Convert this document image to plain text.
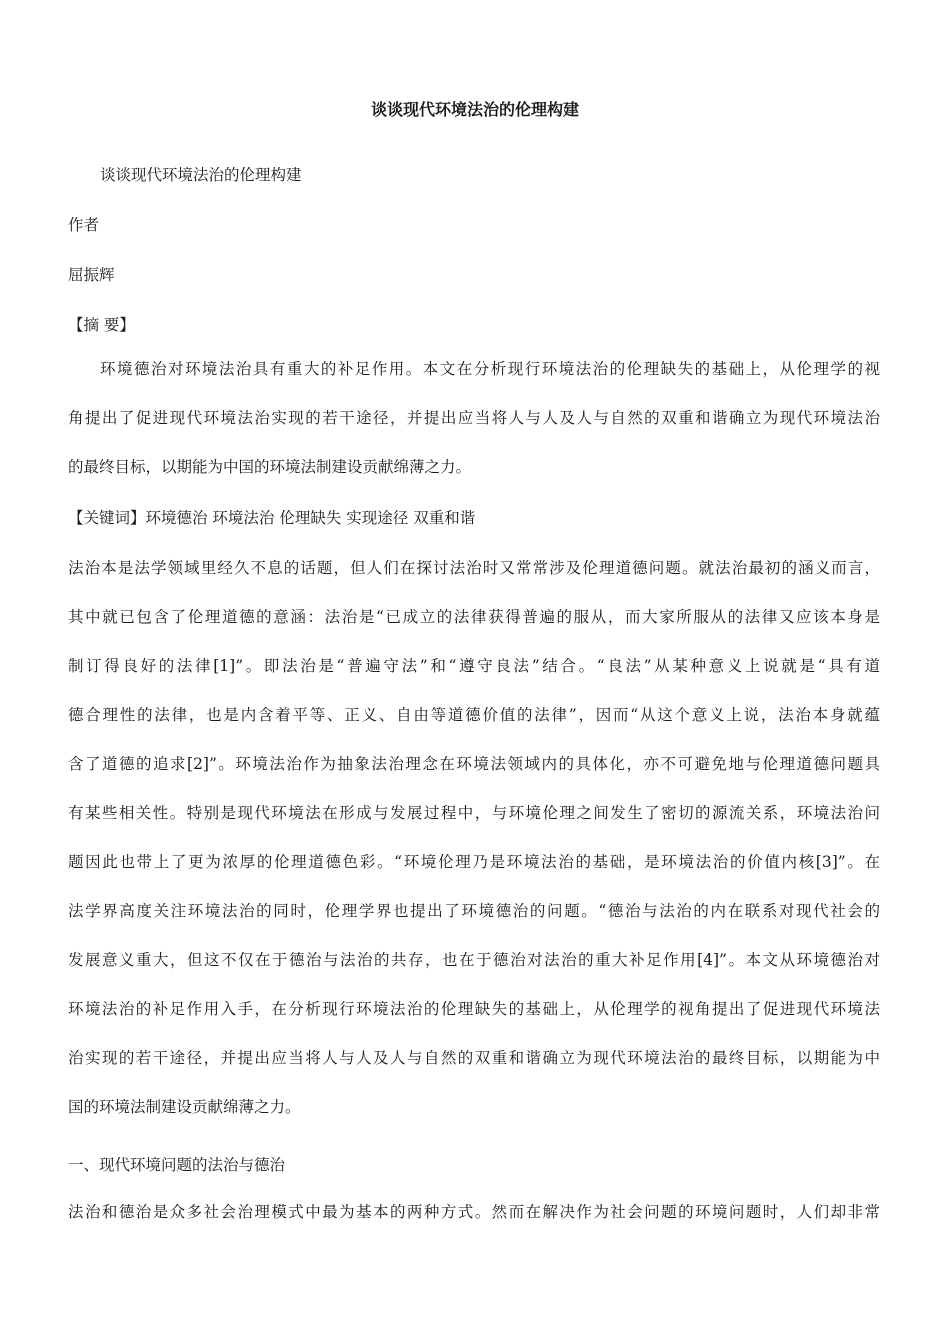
谈谈现代环境法治的伦理构建
谈谈现代环境法治的伦理构建
作者
屈振辉
【摘 要】
环境德治对环境法治具有重大的补足作用。本文在分析现行环境法治的伦理缺失的基础上，从伦理学的视
角提出了促进现代环境法治实现的若干途径，并提出应当将人与人及人与自然的双重和谐确立为现代环境法治
的最终目标，以期能为中国的环境法制建设贡献绵薄之力。
【关键词】环境德治 环境法治 伦理缺失 实现途径 双重和谐
法治本是法学领域里经久不息的话题，但人们在探讨法治时又常常涉及伦理道德问题。就法治最初的涵义而言，
其中就已包含了伦理道德的意涵：法治是“已成立的法律获得普遍的服从，而大家所服从的法律又应该本身是
制订得良好的法律[1]”。即法治是“普遍守法”和“遵守良法”结合。“良法”从某种意义上说就是“具有道
德合理性的法律，也是内含着平等、正义、自由等道德价值的法律”，因而“从这个意义上说，法治本身就蕴
含了道德的追求[2]”。环境法治作为抽象法治理念在环境法领域内的具体化，亦不可避免地与伦理道德问题具
有某些相关性。特别是现代环境法在形成与发展过程中，与环境伦理之间发生了密切的源流关系，环境法治问
题因此也带上了更为浓厚的伦理道德色彩。“环境伦理乃是环境法治的基础，是环境法治的价值内核[3]”。在
法学界高度关注环境法治的同时，伦理学界也提出了环境德治的问题。“德治与法治的内在联系对现代社会的
发展意义重大，但这不仅在于德治与法治的共存，也在于德治对法治的重大补足作用[4]”。本文从环境德治对
环境法治的补足作用入手，在分析现行环境法治的伦理缺失的基础上，从伦理学的视角提出了促进现代环境法
治实现的若干途径，并提出应当将人与人及人与自然的双重和谐确立为现代环境法治的最终目标，以期能为中
国的环境法制建设贡献绵薄之力。
一、现代环境问题的法治与德治
法治和德治是众多社会治理模式中最为基本的两种方式。然而在解决作为社会问题的环境问题时，人们却非常
